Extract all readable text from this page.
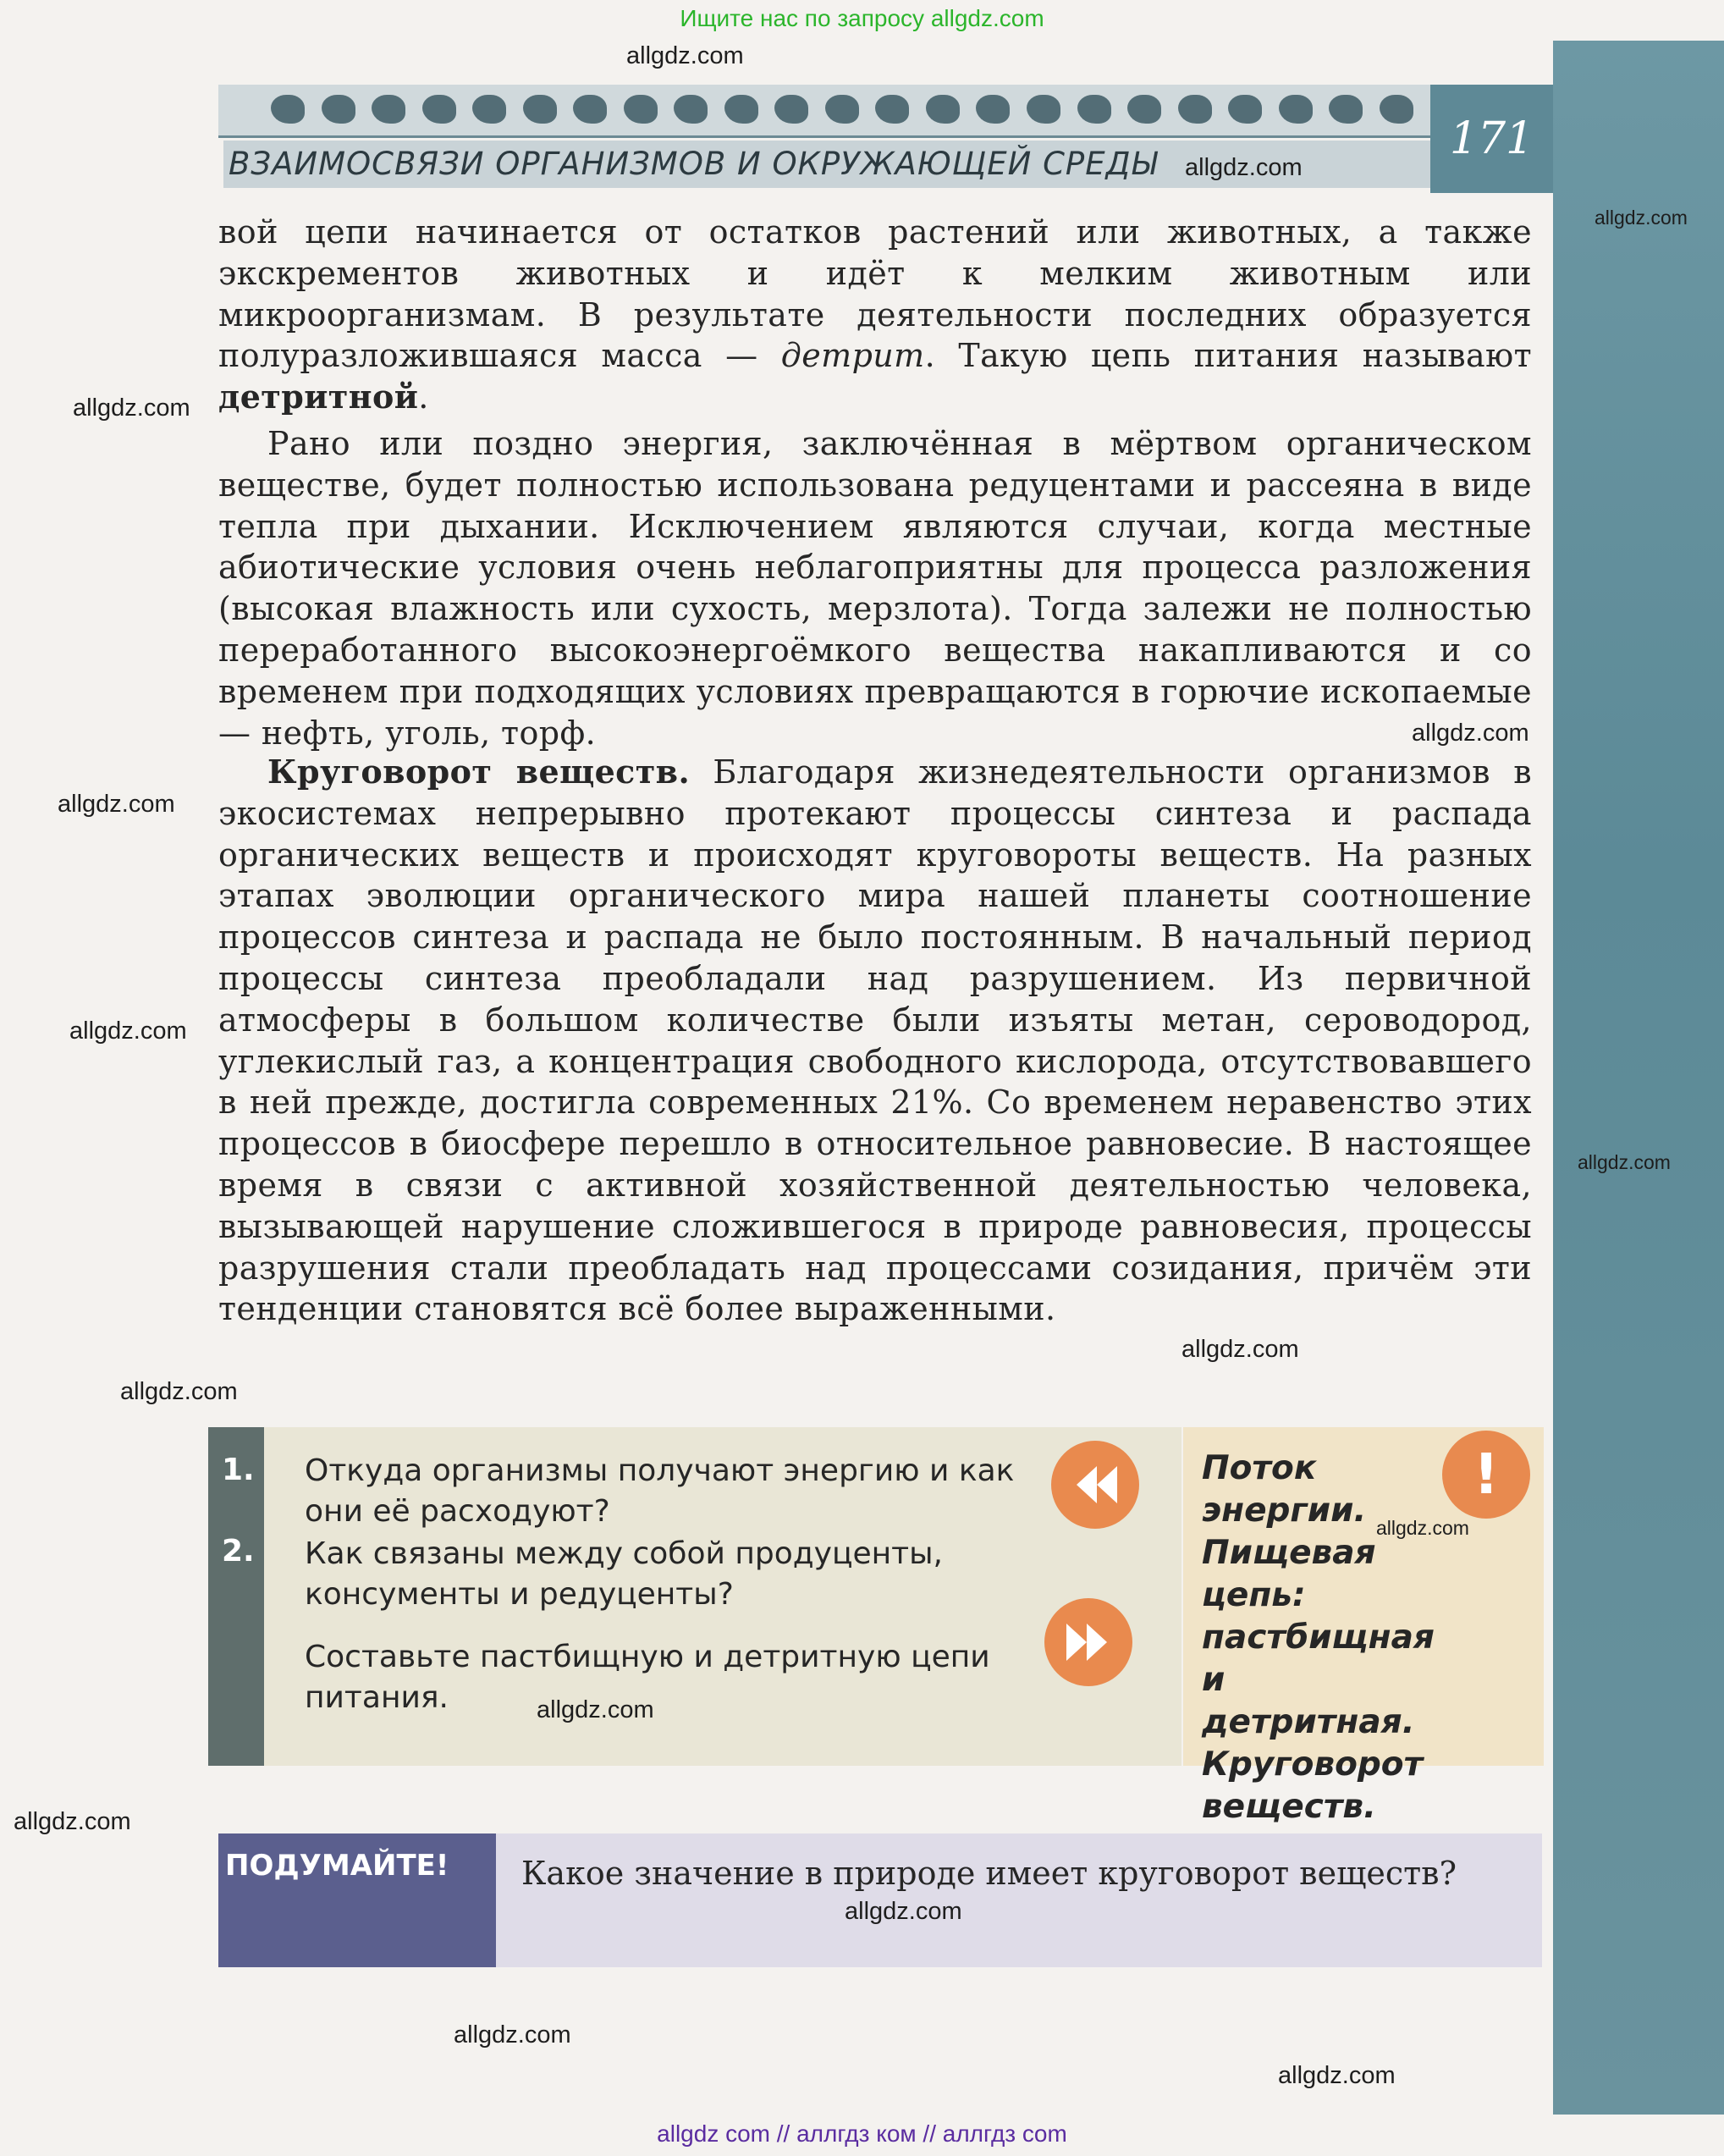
Ищите нас по запросу allgdz.com
ВЗАИМОСВЯЗИ ОРГАНИЗМОВ И ОКРУЖАЮЩЕЙ СРЕДЫ	171

вой цепи начинается от остатков растений или животных, а также экскрементов животных и идёт к мелким животным или микроорганизмам. В результате деятельности последних образуется полуразложившаяся масса — детрит. Такую цепь питания называют детритной.

Рано или поздно энергия, заключённая в мёртвом органическом веществе, будет полностью использована редуцентами и рассеяна в виде тепла при дыхании. Исключением являются случаи, когда местные абиотические условия очень неблагоприятны для процесса разложения (высокая влажность или сухость, мерзлота). Тогда залежи не полностью переработанного высокоэнергоёмкого вещества накапливаются и со временем при подходящих условиях превращаются в горючие ископаемые — нефть, уголь, торф.

Круговорот веществ. Благодаря жизнедеятельности организмов в экосистемах непрерывно протекают процессы синтеза и распада органических веществ и происходят круговороты веществ. На разных этапах эволюции органического мира нашей планеты соотношение процессов синтеза и распада не было постоянным. В начальный период процессы синтеза преобладали над разрушением. Из первичной атмосферы в большом количестве были изъяты метан, сероводород, углекислый газ, а концентрация свободного кислорода, отсутствовавшего в ней прежде, достигла современных 21%. Со временем неравенство этих процессов в биосфере перешло в относительное равновесие. В настоящее время в связи с активной хозяйственной деятельностью человека, вызывающей нарушение сложившегося в природе равновесия, процессы разрушения стали преобладать над процессами созидания, причём эти тенденции становятся всё более выраженными.

1. Откуда организмы получают энергию и как они её расходуют?
2. Как связаны между собой продуценты, консументы и редуценты?
Составьте пастбищную и детритную цепи питания.
!
Поток
энергии.
Пищевая цепь:
пастбищная и
детритная.
Круговорот
веществ.
ПОДУМАЙТЕ!	Какое значение в природе имеет круговорот веществ?
allgdz.com
allgdz.com
allgdz.com
allgdz.com
allgdz.com
allgdz.com
allgdz.com
allgdz.com
allgdz.com
allgdz.com
allgdz.com
allgdz.com
allgdz.com
allgdz.com
allgdz.com
allgdz.com
allgdz com // аллгдз ком // аллгдз com
